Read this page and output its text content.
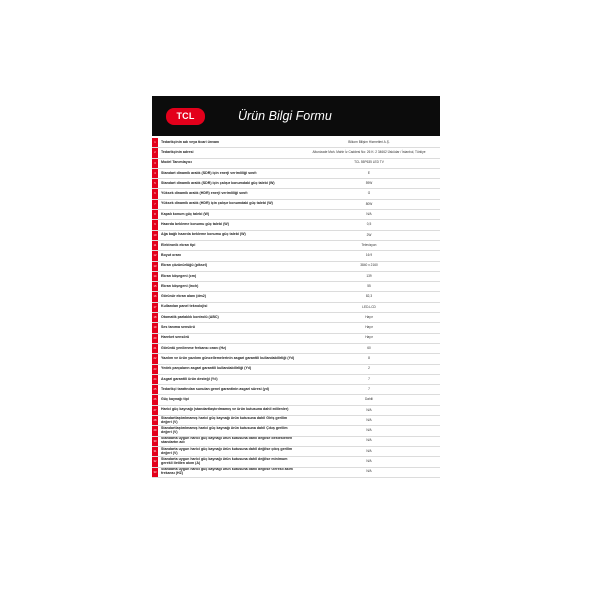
TCL	Ürün Bilgi Formu
1	Tedarikçinin adı veya ticari ünvanı	Bilkom Bilişim Hizmetleri A.Ş.
2	Tedarikçinin adresi	Altunizade Mah. Mahir İz Caddesi No: 26 K: 2 34662 Üsküdar / İstanbul, Türkiye
3	Model Tanımlayıcı	TCL 55P635 LED TV
4	Standart dinamik aralık (SDR) için enerji verimliliği sınıfı	E
5	Standart dinamik aralık (SDR) için çalışır konumdaki güç talebi (W)	59W
6	Yüksek dinamik aralık (HDR) enerji verimliliği sınıfı	G
7	Yüksek dinamik aralık (HDR) için çalışır konumdaki güç talebi (W)	80W
8	Kapalı konum güç talebi (W)	N/A
9	Hazırda bekleme konumu güç talebi (W)	0,5
10	Ağa bağlı hazırda bekleme konumu güç talebi (W)	2W
11	Elektronik ekran tipi	Televizyon
12	Boyut oranı	16:9
13	Ekran çözünürlüğü (piksel)	3840 x 2160
14	Ekran köşegeni (cm)	139
15	Ekran köşegeni (inch)	55
16	Görünür ekran alanı (dm2)	82,3
17	Kullanılan panel teknolojisi	LED-LCD
18	Otomatik parlaklık kontrolü (ABC)	Hayır
19	Ses tanıma sensörü	Hayır
20	Hareket sensörü	Hayır
21	Görüntü yenilenme frekansı oranı (Hz)	60
22	Yazılım ve ürün yazılımı güncellemelerinin asgari garantili kullanılabilirliği (Yıl)	8
23	Yedek parçaların asgari garantili kullanılabilirliği (Yıl)	2
24	Asgari garantili ürün desteği (Yıl)	7
25	Tedarikçi tarafından sunulan genel garantinin asgari süresi (yıl)	7
26	Güç kaynağı tipi	Dahili
27	Harici güç kaynağı (standartlaştırılmamış ve ürün kutusuna dahil edilenler)	N/A
28
Standartlaştırılmamış harici güç kaynağı ürün kutusuna dahil Giriş gerilim değeri (V)	N/A
29
Standartlaştırılmamış harici güç kaynağı ürün kutusuna dahil Çıkış gerilim değeri (V)	N/A
30
Standarta uygun harici güç kaynağı ürün kutusuna dahil değilse desteklenen standartın adı	N/A
31
Standarta uygun harici güç kaynağı ürün kutusuna dahil değilse çıkış gerilim değeri (V)	N/A
32
Standarta uygun harici güç kaynağı ürün kutusuna dahil değilse minimum gerekli iletilen akım (A)	N/A
33
Standarta uygun harici güç kaynağı ürün kutusuna dahil değilse Gerekli akım frekansı (HZ)	N/A
